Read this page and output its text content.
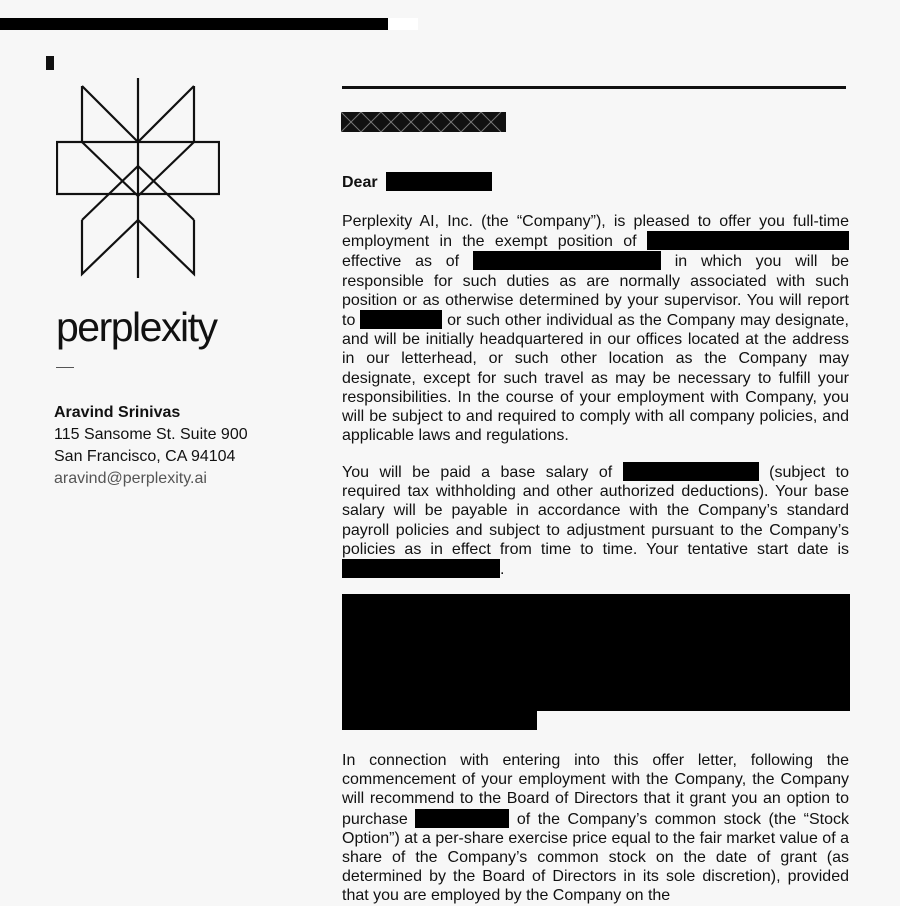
perplexity
Aravind Srinivas
115 Sansome St. Suite 900
San Francisco, CA 94104
aravind@perplexity.ai
Dear
Perplexity AI, Inc. (the “Company”), is pleased to offer you full-time employment in the exempt position of  effective as of	in which you will be responsible for such duties as are normally associated with such position or as otherwise determined by your supervisor. You will report to	or such other individual as the Company may designate, and will be initially headquartered in our offices located at the address in our letterhead, or such other location as the Company may designate, except for such travel as may be necessary to fulfill your responsibilities. In the course of your employment with Company, you will be subject to and required to comply with all company policies, and applicable laws and regulations.
You will be paid a base salary of	(subject to required tax withholding and other authorized deductions). Your base salary will be payable in accordance with the Company’s standard payroll policies and subject to adjustment pursuant to the Company’s policies as in effect from time to time. Your tentative start date is .
In connection with entering into this offer letter, following the commencement of your employment with the Company, the Company will recommend to the Board of Directors that it grant you an option to purchase	of the Company’s common stock (the “Stock Option”) at a per-share exercise price equal to the fair market value of a share of the Company’s common stock on the date of grant (as determined by the Board of Directors in its sole discretion), provided that you are employed by the Company on the
